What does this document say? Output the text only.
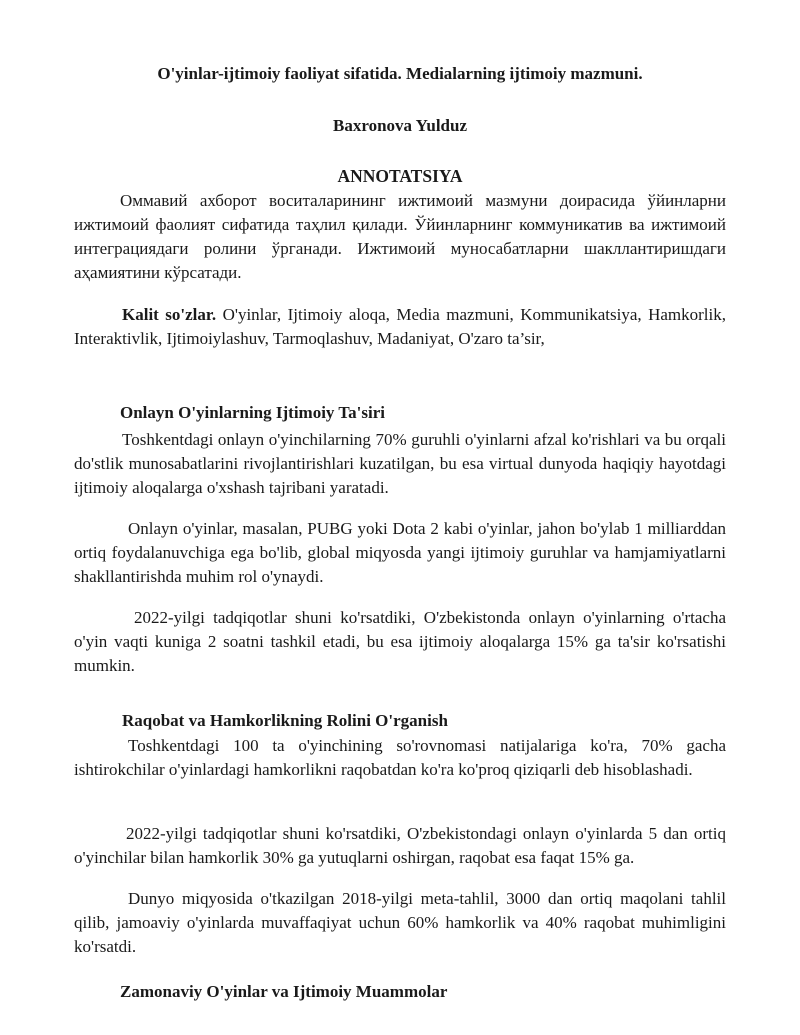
O'yinlar-ijtimoiy faoliyat sifatida. Medialarning ijtimoiy mazmuni.
Baxronova Yulduz
ANNOTATSIYA
Оммавий ахборот воситаларининг ижтимоий мазмуни доирасида ўйинларни ижтимоий фаолият сифатида таҳлил қилади. Ўйинларнинг коммуникатив ва ижтимоий интеграциядаги ролини ўрганади. Ижтимоий муносабатларни шакллантиришдаги аҳамиятини кўрсатади.
Kalit so'zlar. O'yinlar, Ijtimoiy aloqa, Media mazmuni, Kommunikatsiya, Hamkorlik, Interaktivlik, Ijtimoiylashuv, Tarmoqlashuv, Madaniyat, O'zaro ta’sir,
Onlayn O'yinlarning Ijtimoiy Ta'siri
Toshkentdagi onlayn o'yinchilarning 70% guruhli o'yinlarni afzal ko'rishlari va bu orqali do'stlik munosabatlarini rivojlantirishlari kuzatilgan, bu esa virtual dunyoda haqiqiy hayotdagi ijtimoiy aloqalarga o'xshash tajribani yaratadi.
Onlayn o'yinlar, masalan, PUBG yoki Dota 2 kabi o'yinlar, jahon bo'ylab 1 milliarddan ortiq foydalanuvchiga ega bo'lib, global miqyosda yangi ijtimoiy guruhlar va hamjamiyatlarni shakllantirishda muhim rol o'ynaydi.
2022-yilgi tadqiqotlar shuni ko'rsatdiki, O'zbekistonda onlayn o'yinlarning o'rtacha o'yin vaqti kuniga 2 soatni tashkil etadi, bu esa ijtimoiy aloqalarga 15% ga ta'sir ko'rsatishi mumkin.
Raqobat va Hamkorlikning Rolini O'rganish
Toshkentdagi 100 ta o'yinchining so'rovnomasi natijalariga ko'ra, 70% gacha ishtirokchilar o'yinlardagi hamkorlikni raqobatdan ko'ra ko'proq qiziqarli deb hisoblashadi.
2022-yilgi tadqiqotlar shuni ko'rsatdiki, O'zbekistondagi onlayn o'yinlarda 5 dan ortiq o'yinchilar bilan hamkorlik 30% ga yutuqlarni oshirgan, raqobat esa faqat 15% ga.
Dunyo miqyosida o'tkazilgan 2018-yilgi meta-tahlil, 3000 dan ortiq maqolani tahlil qilib, jamoaviy o'yinlarda muvaffaqiyat uchun 60% hamkorlik va 40% raqobat muhimligini ko'rsatdi.
Zamonaviy O'yinlar va Ijtimoiy Muammolar
